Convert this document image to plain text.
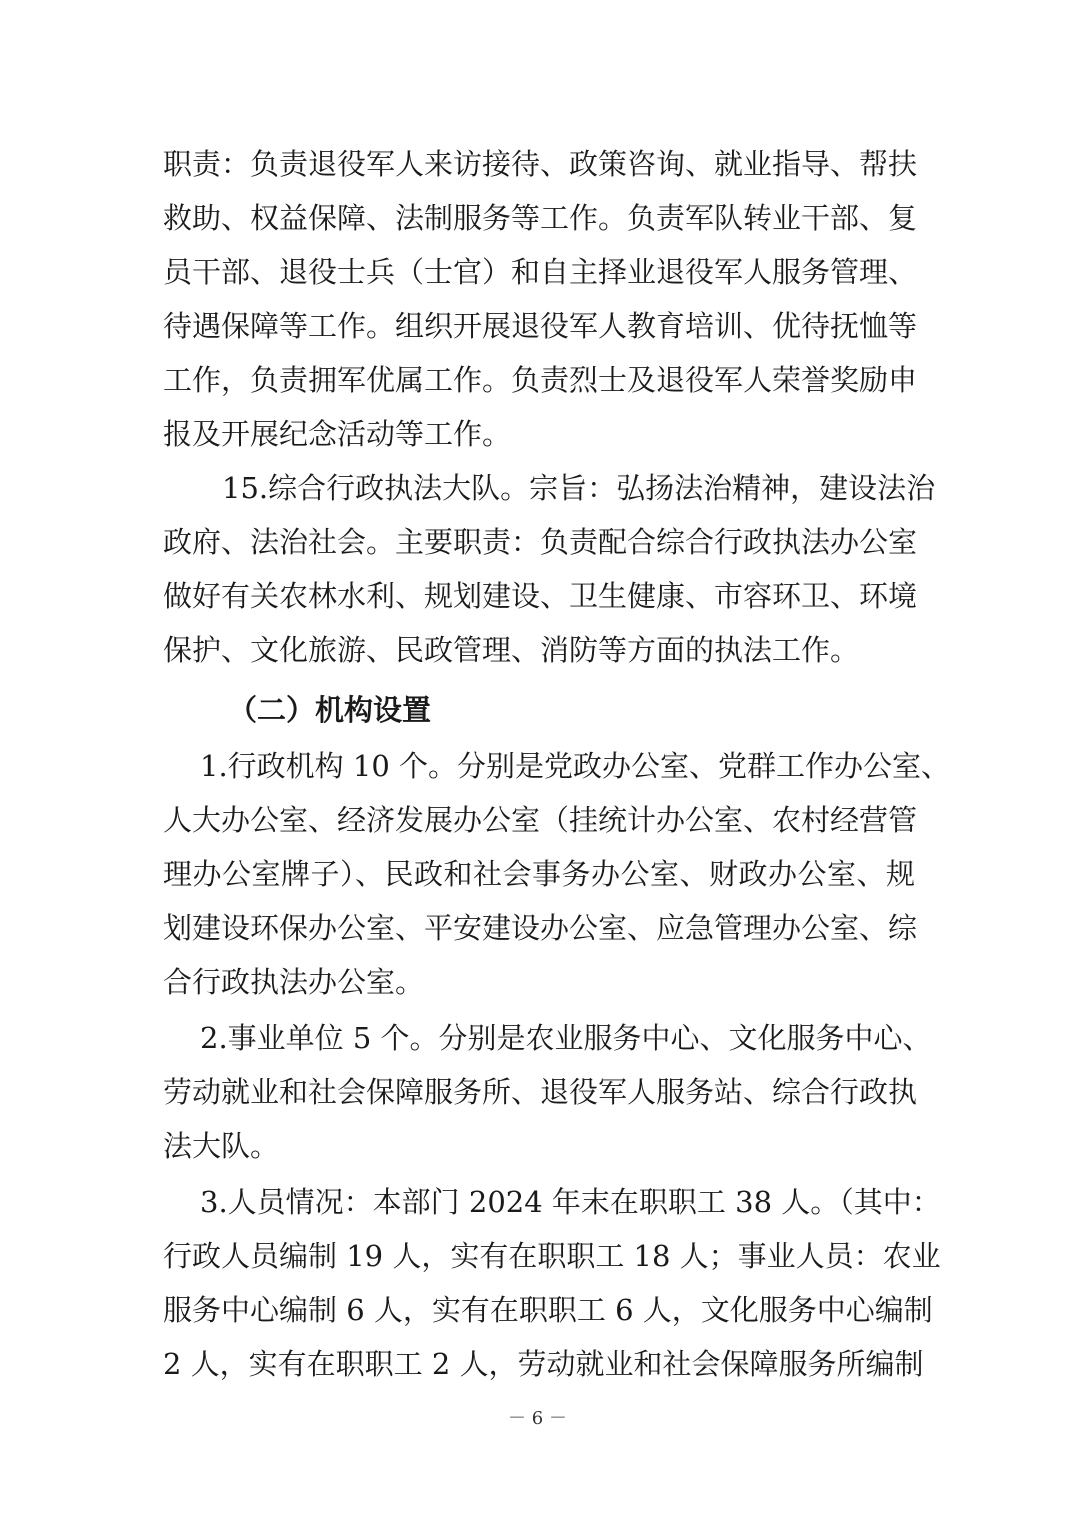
职责：负责退役军人来访接待、政策咨询、就业指导、帮扶
救助、权益保障、法制服务等工作。负责军队转业干部、复
员干部、退役士兵（士官）和自主择业退役军人服务管理、
待遇保障等工作。组织开展退役军人教育培训、优待抚恤等
工作，负责拥军优属工作。负责烈士及退役军人荣誉奖励申
报及开展纪念活动等工作。
15.综合行政执法大队。宗旨：弘扬法治精神，建设法治
政府、法治社会。主要职责：负责配合综合行政执法办公室
做好有关农林水利、规划建设、卫生健康、市容环卫、环境
保护、文化旅游、民政管理、消防等方面的执法工作。
（二）机构设置
1.行政机构 10 个。分别是党政办公室、党群工作办公室、
人大办公室、经济发展办公室（挂统计办公室、农村经营管
理办公室牌子）、民政和社会事务办公室、财政办公室、规
划建设环保办公室、平安建设办公室、应急管理办公室、综
合行政执法办公室。
2.事业单位 5 个。分别是农业服务中心、文化服务中心、
劳动就业和社会保障服务所、退役军人服务站、综合行政执
法大队。
3.人员情况：本部门 2024 年末在职职工 38 人。（其中：
行政人员编制 19 人，实有在职职工 18 人；事业人员：农业
服务中心编制 6 人，实有在职职工 6 人，文化服务中心编制
2 人，实有在职职工 2 人，劳动就业和社会保障服务所编制
－ 6 －
